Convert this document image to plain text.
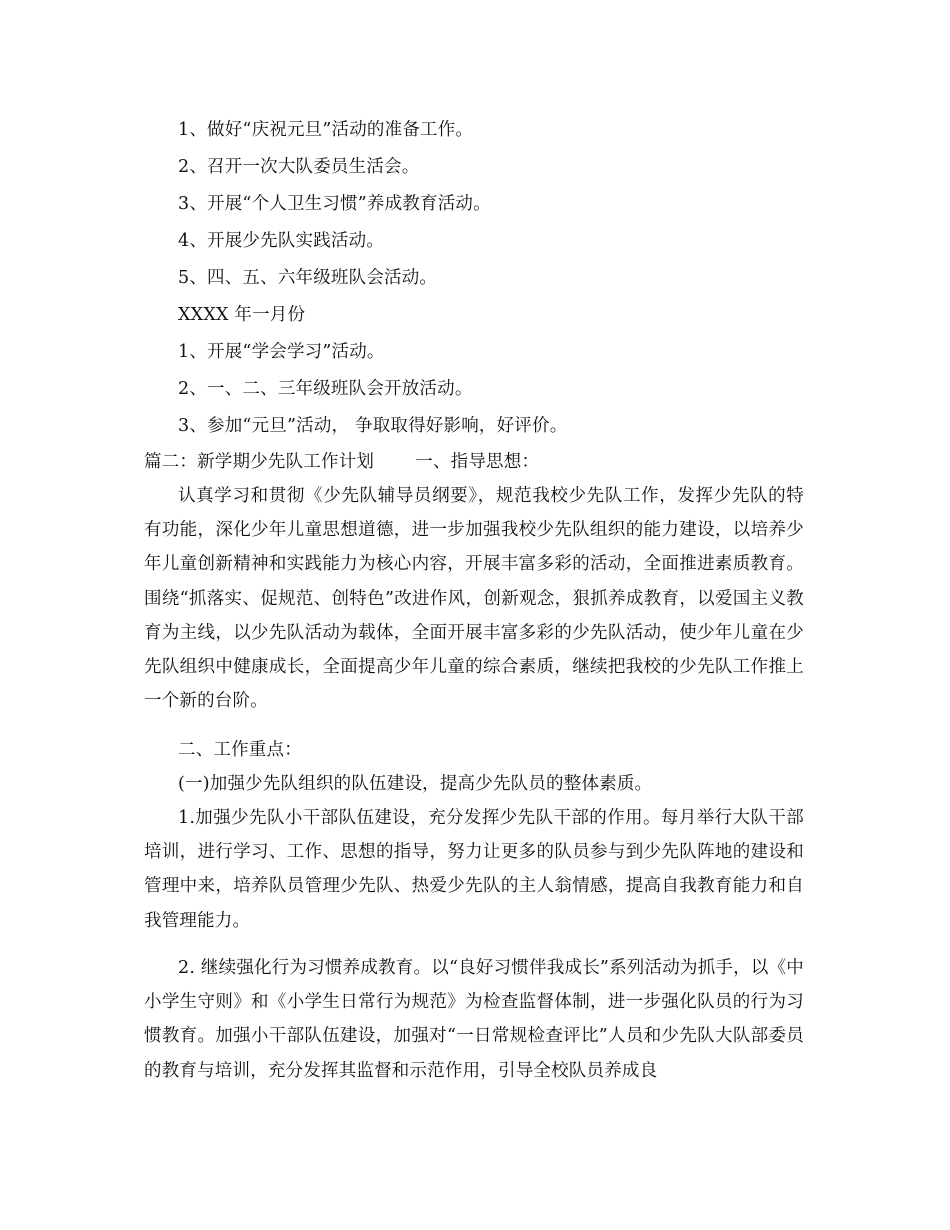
1、做好“庆祝元旦”活动的准备工作。
2、召开一次大队委员生活会。
3、开展“个人卫生习惯”养成教育活动。
4、开展少先队实践活动。
5、四、五、六年级班队会活动。
XXXX 年一月份
1、开展“学会学习”活动。
2、一、二、三年级班队会开放活动。
3、参加“元旦”活动， 争取取得好影响，好评价。
篇二：新学期少先队工作计划　　 一、指导思想：
认真学习和贯彻《少先队辅导员纲要》，规范我校少先队工作，发挥少先队的特有功能，深化少年儿童思想道德，进一步加强我校少先队组织的能力建设，以培养少年儿童创新精神和实践能力为核心内容，开展丰富多彩的活动，全面推进素质教育。围绕“抓落实、促规范、创特色”改进作风，创新观念，狠抓养成教育，以爱国主义教育为主线，以少先队活动为载体，全面开展丰富多彩的少先队活动，使少年儿童在少先队组织中健康成长，全面提高少年儿童的综合素质，继续把我校的少先队工作推上一个新的台阶。
二、工作重点：
(一)加强少先队组织的队伍建设，提高少先队员的整体素质。
1.加强少先队小干部队伍建设，充分发挥少先队干部的作用。每月举行大队干部培训，进行学习、工作、思想的指导，努力让更多的队员参与到少先队阵地的建设和管理中来，培养队员管理少先队、热爱少先队的主人翁情感，提高自我教育能力和自我管理能力。
2. 继续强化行为习惯养成教育。以“良好习惯伴我成长”系列活动为抓手，以《中小学生守则》和《小学生日常行为规范》为检查监督体制，进一步强化队员的行为习惯教育。加强小干部队伍建设，加强对“一日常规检查评比”人员和少先队大队部委员的教育与培训，充分发挥其监督和示范作用，引导全校队员养成良
